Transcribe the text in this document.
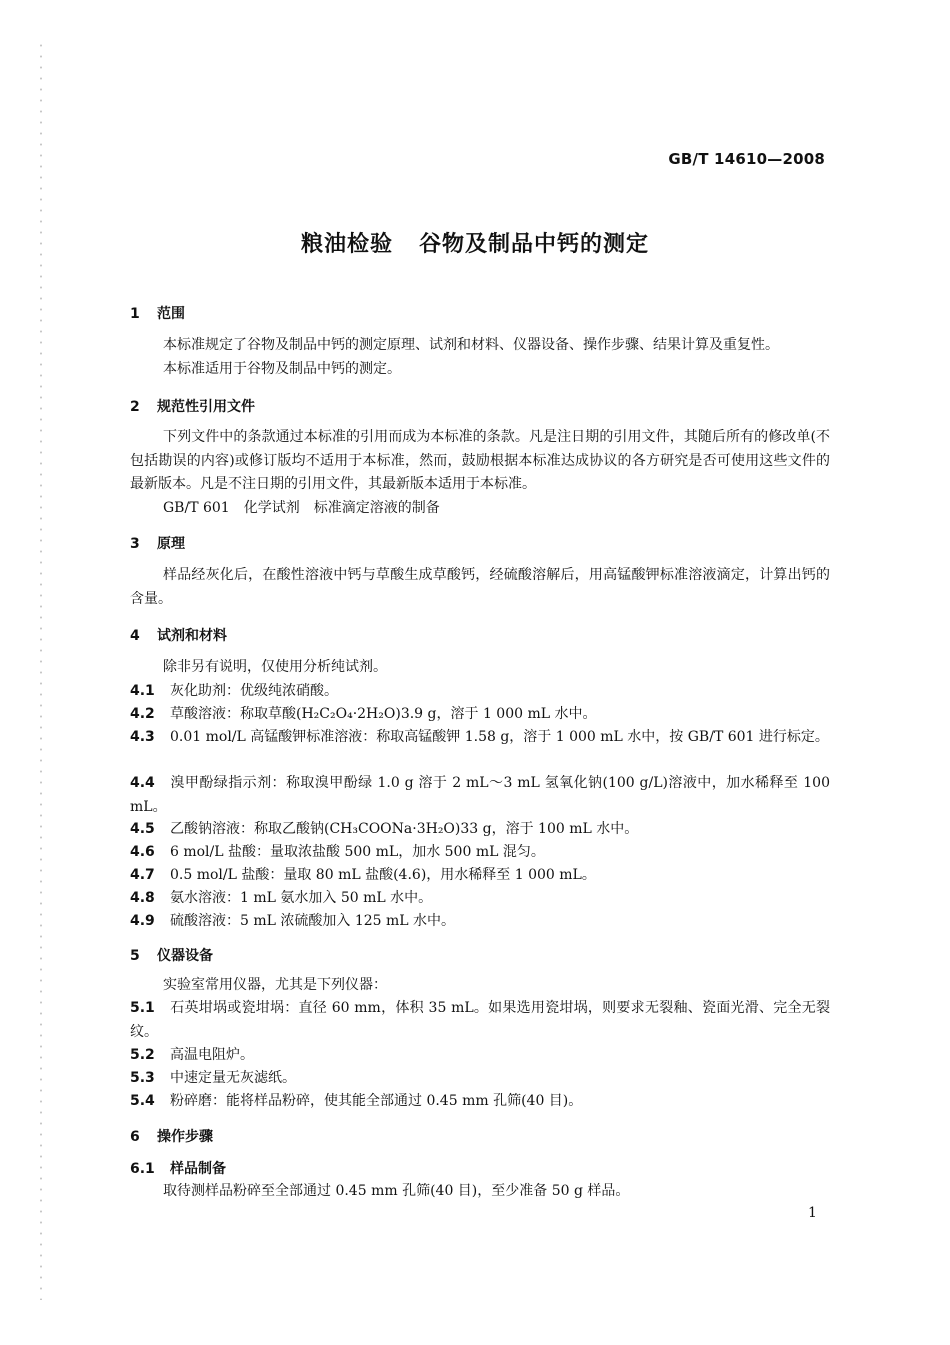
GB/T 14610—2008
粮油检验 谷物及制品中钙的测定
1 范围
本标准规定了谷物及制品中钙的测定原理、试剂和材料、仪器设备、操作步骤、结果计算及重复性。
本标准适用于谷物及制品中钙的测定。
2 规范性引用文件
下列文件中的条款通过本标准的引用而成为本标准的条款。凡是注日期的引用文件，其随后所有的修改单(不包括勘误的内容)或修订版均不适用于本标准，然而，鼓励根据本标准达成协议的各方研究是否可使用这些文件的最新版本。凡是不注日期的引用文件，其最新版本适用于本标准。
GB/T 601 化学试剂 标准滴定溶液的制备
3 原理
样品经灰化后，在酸性溶液中钙与草酸生成草酸钙，经硫酸溶解后，用高锰酸钾标准溶液滴定，计算出钙的含量。
4 试剂和材料
除非另有说明，仅使用分析纯试剂。
4.1 灰化助剂：优级纯浓硝酸。
4.2 草酸溶液：称取草酸(H₂C₂O₄·2H₂O)3.9 g，溶于 1 000 mL 水中。
4.3 0.01 mol/L 高锰酸钾标准溶液：称取高锰酸钾 1.58 g，溶于 1 000 mL 水中，按 GB/T 601 进行标定。
4.4 溴甲酚绿指示剂：称取溴甲酚绿 1.0 g 溶于 2 mL～3 mL 氢氧化钠(100 g/L)溶液中，加水稀释至 100 mL。
4.5 乙酸钠溶液：称取乙酸钠(CH₃COONa·3H₂O)33 g，溶于 100 mL 水中。
4.6 6 mol/L 盐酸：量取浓盐酸 500 mL，加水 500 mL 混匀。
4.7 0.5 mol/L 盐酸：量取 80 mL 盐酸(4.6)，用水稀释至 1 000 mL。
4.8 氨水溶液：1 mL 氨水加入 50 mL 水中。
4.9 硫酸溶液：5 mL 浓硫酸加入 125 mL 水中。
5 仪器设备
实验室常用仪器，尤其是下列仪器：
5.1 石英坩埚或瓷坩埚：直径 60 mm，体积 35 mL。如果选用瓷坩埚，则要求无裂釉、瓷面光滑、完全无裂纹。
5.2 高温电阻炉。
5.3 中速定量无灰滤纸。
5.4 粉碎磨：能将样品粉碎，使其能全部通过 0.45 mm 孔筛(40 目)。
6 操作步骤
6.1 样品制备
取待测样品粉碎至全部通过 0.45 mm 孔筛(40 目)，至少准备 50 g 样品。
1
